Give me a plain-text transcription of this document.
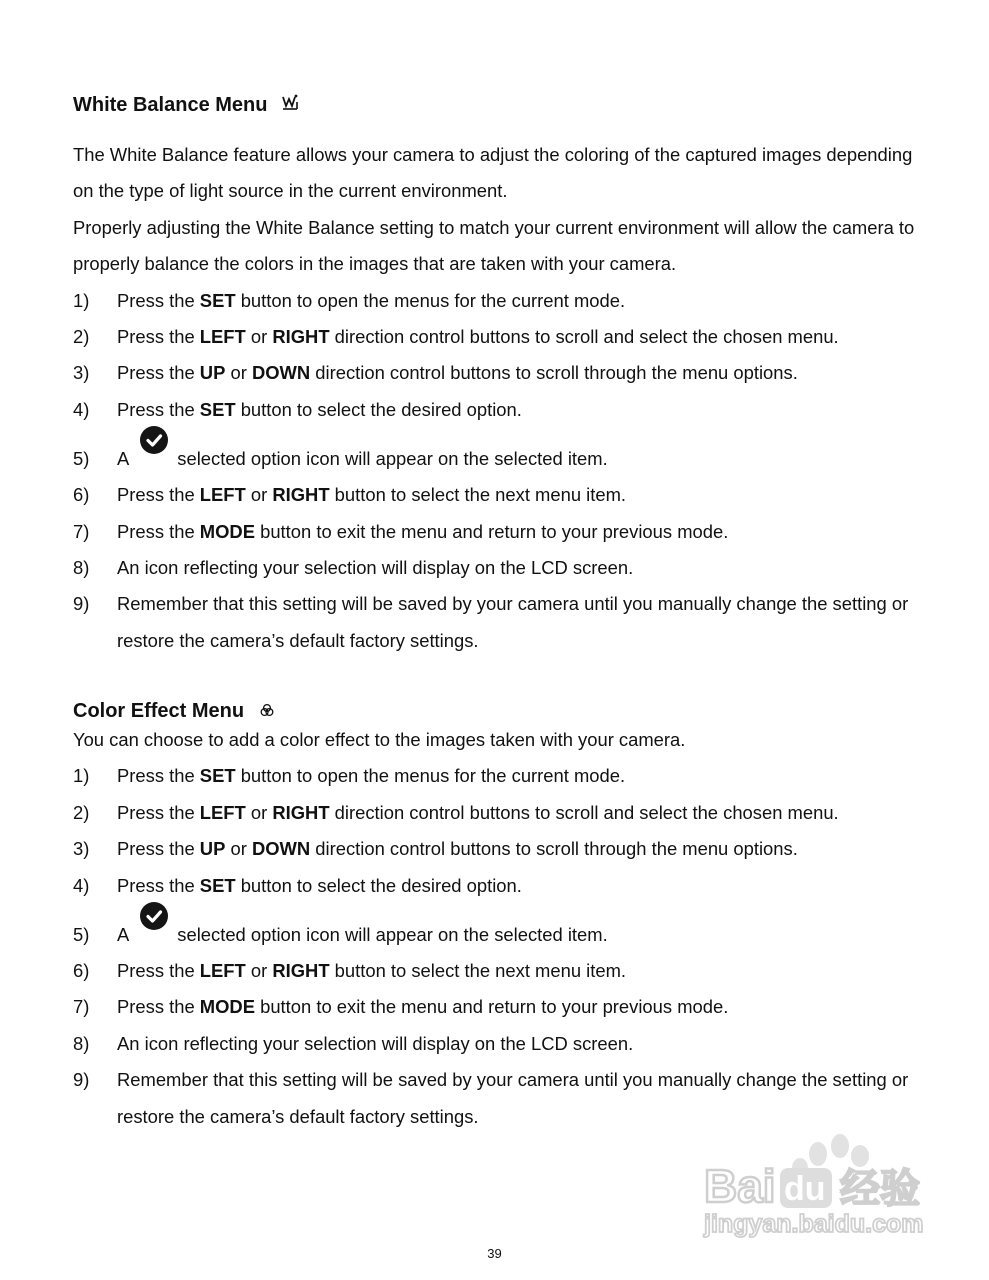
White Balance Menu

The White Balance feature allows your camera to adjust the coloring of the captured images depending on the type of light source in the current environment.

Properly adjusting the White Balance setting to match your current environment will allow the camera to properly balance the colors in the images that are taken with your camera.

1)	Press the SET button to open the menus for the current mode.
2)	Press the LEFT or RIGHT direction control buttons to scroll and select the chosen menu.
3)	Press the UP or DOWN direction control buttons to scroll through the menu options.
4)	Press the SET button to select the desired option.
5)	A	selected option icon will appear on the selected item.
6)	Press the LEFT or RIGHT button to select the next menu item.
7)	Press the MODE button to exit the menu and return to your previous mode.
8)	An icon reflecting your selection will display on the LCD screen.
9)	Remember that this setting will be saved by your camera until you manually change the setting or restore the camera’s default factory settings.
Color Effect Menu

You can choose to add a color effect to the images taken with your camera.

1)	Press the SET button to open the menus for the current mode.
2)	Press the LEFT or RIGHT direction control buttons to scroll and select the chosen menu.
3)	Press the UP or DOWN direction control buttons to scroll through the menu options.
4)	Press the SET button to select the desired option.
5)	A	selected option icon will appear on the selected item.
6)	Press the LEFT or RIGHT button to select the next menu item.
7)	Press the MODE button to exit the menu and return to your previous mode.
8)	An icon reflecting your selection will display on the LCD screen.
9)	Remember that this setting will be saved by your camera until you manually change the setting or restore the camera’s default factory settings.
Bai du 经验
jingyan.baidu.com
39
